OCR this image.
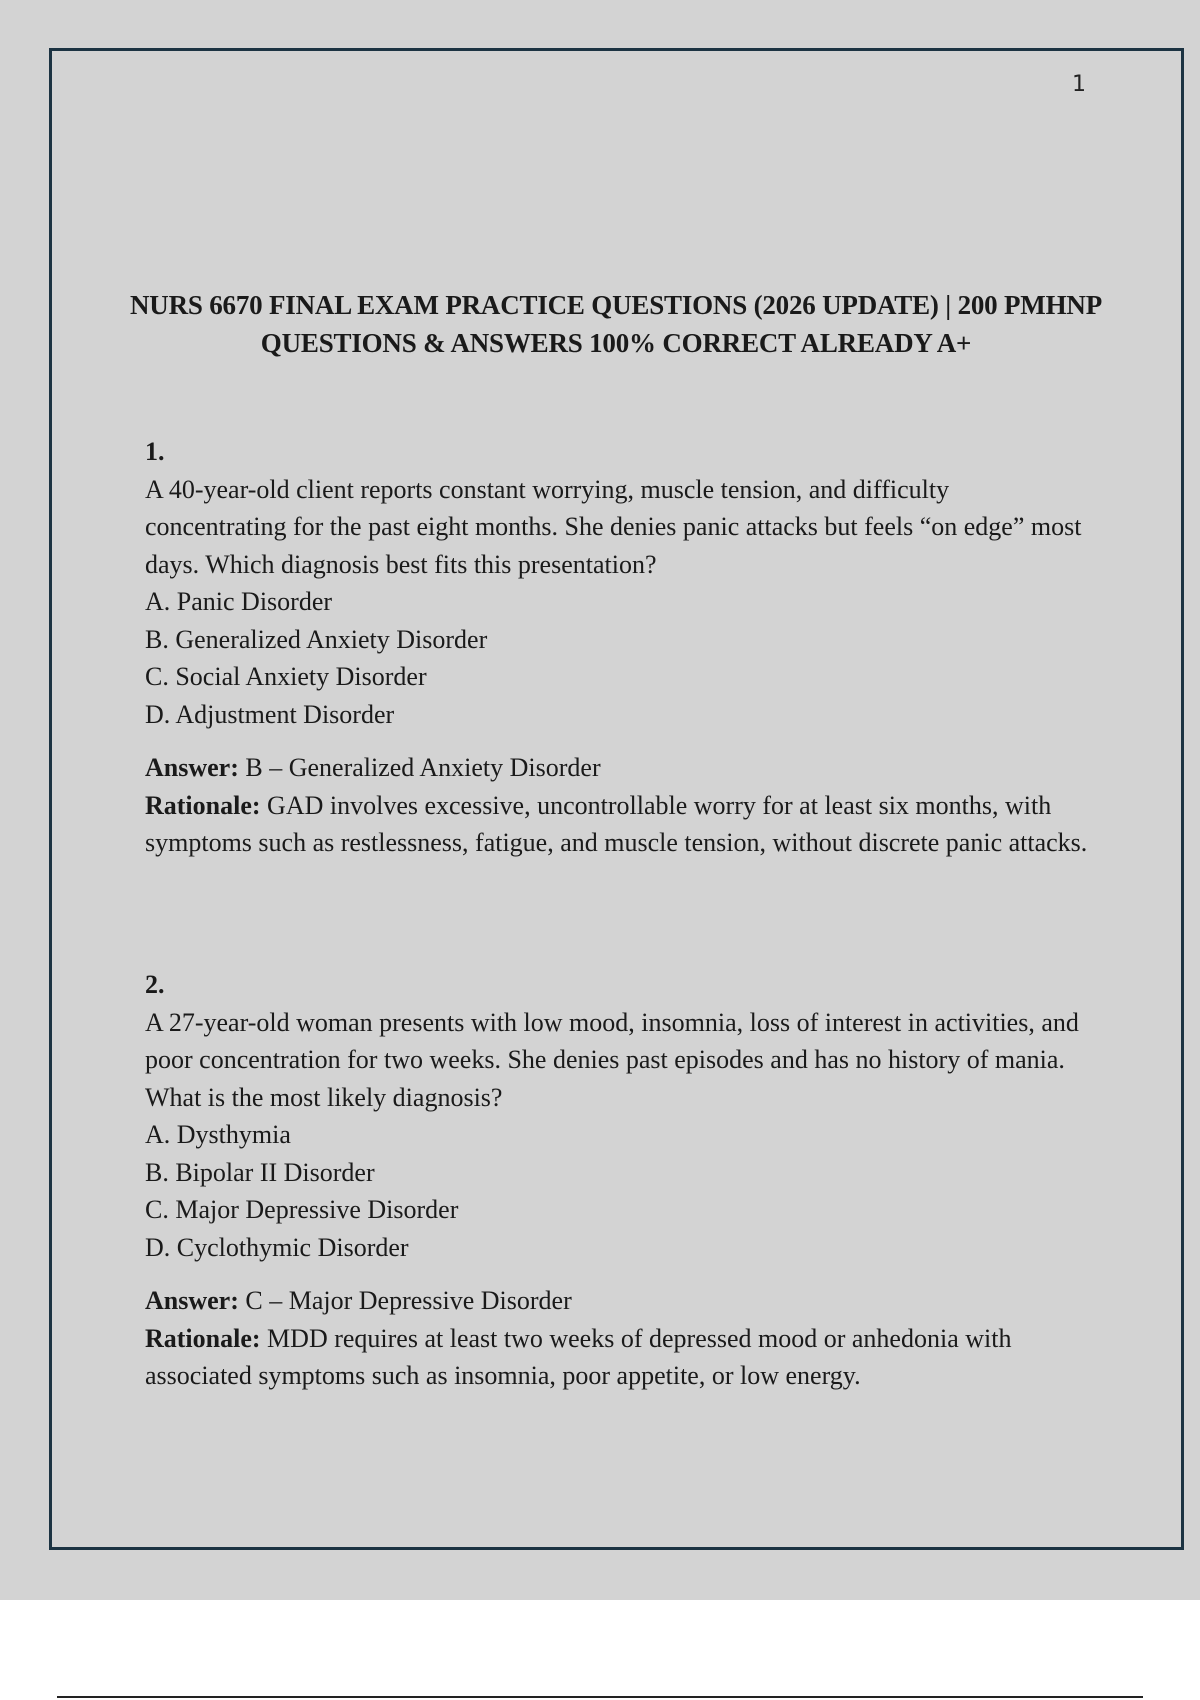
1
NURS 6670 FINAL EXAM PRACTICE QUESTIONS (2026 UPDATE) | 200 PMHNP QUESTIONS & ANSWERS 100% CORRECT ALREADY A+
1.
A 40-year-old client reports constant worrying, muscle tension, and difficulty concentrating for the past eight months. She denies panic attacks but feels “on edge” most days. Which diagnosis best fits this presentation?
A. Panic Disorder
B. Generalized Anxiety Disorder
C. Social Anxiety Disorder
D. Adjustment Disorder
Answer: B – Generalized Anxiety Disorder
Rationale: GAD involves excessive, uncontrollable worry for at least six months, with symptoms such as restlessness, fatigue, and muscle tension, without discrete panic attacks.
2.
A 27-year-old woman presents with low mood, insomnia, loss of interest in activities, and poor concentration for two weeks. She denies past episodes and has no history of mania. What is the most likely diagnosis?
A. Dysthymia
B. Bipolar II Disorder
C. Major Depressive Disorder
D. Cyclothymic Disorder
Answer: C – Major Depressive Disorder
Rationale: MDD requires at least two weeks of depressed mood or anhedonia with associated symptoms such as insomnia, poor appetite, or low energy.
